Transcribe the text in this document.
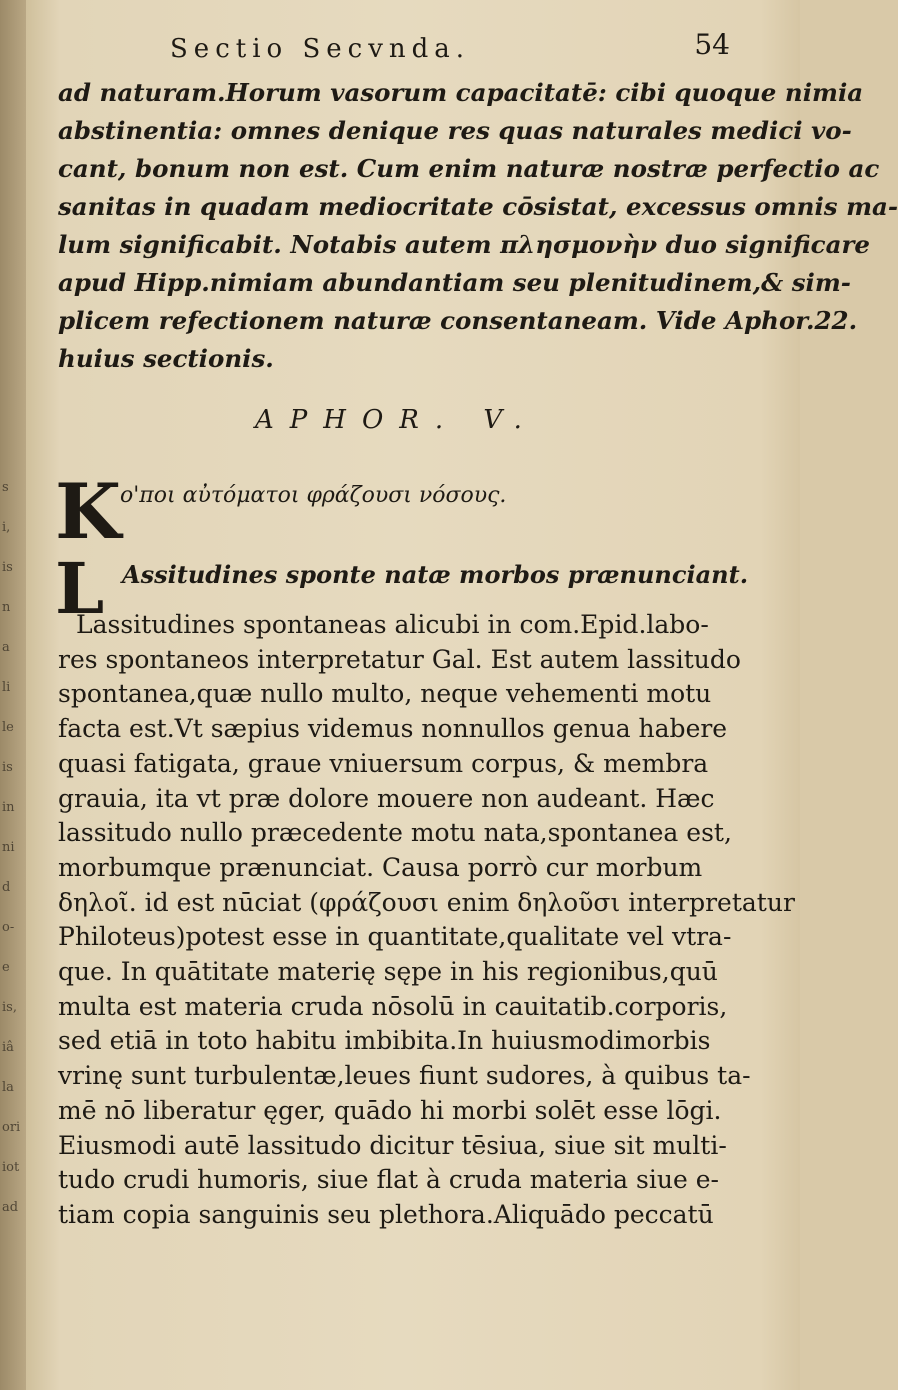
s
i,
is
n
a
li
le
is
in
ni
d
o-
e
is,
iâ
la
ori
iot
ad
Sectio Secvnda.	54

ad naturam.Horum vasorum capacitatē: cibi quoque nimia

abstinentia: omnes denique res quas naturales medici vo-

cant, bonum non est. Cum enim naturæ nostræ perfectio ac

sanitas in quadam mediocritate cōsistat, excessus omnis ma-

lum significabit. Notabis autem πλησμονὴν duo significare

apud Hipp.nimiam abundantiam seu plenitudinem,& sim-

plicem refectionem naturæ consentaneam. Vide Aphor.22.

huius sectionis.

APHOR. V.
K
ο'ποι αὐτόματοι φράζουσι νόσους.
L Assitudines sponte natæ morbos prænunciant.

Lassitudines spontaneas alicubi in com.Epid.labo-

res spontaneos interpretatur Gal. Est autem lassitudo

spontanea,quæ nullo multo, neque vehementi motu

facta est.Vt sæpius videmus nonnullos genua habere

quasi fatigata, graue vniuersum corpus, & membra

grauia, ita vt præ dolore mouere non audeant. Hæc

lassitudo nullo præcedente motu nata,spontanea est,

morbumque prænunciat. Causa porrò cur morbum

δηλοῖ. id est nūciat (φράζουσι enim δηλοῦσι interpretatur

Philoteus)potest esse in quantitate,qualitate vel vtra-

que. In quātitate materię sępe in his regionibus,quū

multa est materia cruda nōsolū in cauitatib.corporis,

sed etiā in toto habitu imbibita.In huiusmodimorbis

vrinę sunt turbulentæ,leues fiunt sudores, à quibus ta-

mē nō liberatur ęger, quādo hi morbi solēt esse lōgi.

Eiusmodi autē lassitudo dicitur tēsiua, siue sit multi-

tudo crudi humoris, siue flat à cruda materia siue e-

tiam copia sanguinis seu plethora.Aliquādo peccatū
